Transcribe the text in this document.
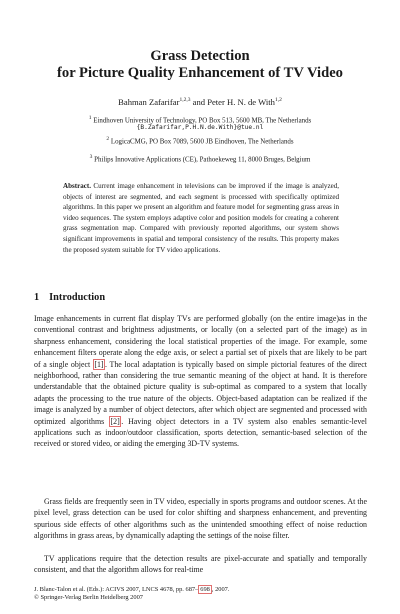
Grass Detection
for Picture Quality Enhancement of TV Video
Bahman Zafarifar$^{1,2,3}$ and Peter H. N. de With$^{1,2}$
$^1$ Eindhoven University of Technology, PO Box 513, 5600 MB, The Netherlands
{B.Zafarifar,P.H.N.de.With}@tue.nl
$^2$ LogicaCMG, PO Box 7089, 5600 JB Eindhoven, The Netherlands
$^3$ Philips Innovative Applications (CE), Pathoekeweg 11, 8000 Bruges, Belgium

Abstract. Current image enhancement in televisions can be improved if the image is analyzed, objects of interest are segmented, and each segment is processed with specifically optimized algorithms. In this paper we present an algorithm and feature model for segmenting grass areas in video sequences. The system employs adaptive color and position models for creating a coherent grass segmentation map. Compared with previously reported algorithms, our system shows significant improvements in spatial and temporal consistency of the results. This property makes the proposed system suitable for TV video applications.

1 Introduction

Image enhancements in current flat display TVs are performed globally (on the entire image)as in the conventional contrast and brightness adjustments, or locally (on a selected part of the image) as in sharpness enhancement, considering the local statistical properties of the image. For example, some enhancement filters operate along the edge axis, or select a partial set of pixels that are likely to be part of a single object [1] . The local adaptation is typically based on simple pictorial features of the direct neighborhood, rather than considering the true semantic meaning of the object at hand. It is therefore understandable that the obtained picture quality is sub-optimal as compared to a system that locally adapts the processing to the true nature of the objects. Object-based adaptation can be realized if the image is analyzed by a number of object detectors, after which object are segmented and processed with optimized algorithms [2] . Having object detectors in a TV system also enables semantic-level applications such as indoor/outdoor classification, sports detection, semantic-based selection of the received or stored video, or aiding the emerging 3D-TV systems.

Grass fields are frequently seen in TV video, especially in sports programs and outdoor scenes. At the pixel level, grass detection can be used for color shifting and sharpness enhancement, and preventing spurious side effects of other algorithms such as the unintended smoothing effect of noise reduction algorithms in grass areas, by dynamically adapting the settings of the noise filter.

TV applications require that the detection results are pixel-accurate and spatially and temporally consistent, and that the algorithm allows for real-time

J. Blanc-Talon et al. (Eds.): ACIVS 2007, LNCS 4678, pp. 687– 698 , 2007.
© Springer-Verlag Berlin Heidelberg 2007
